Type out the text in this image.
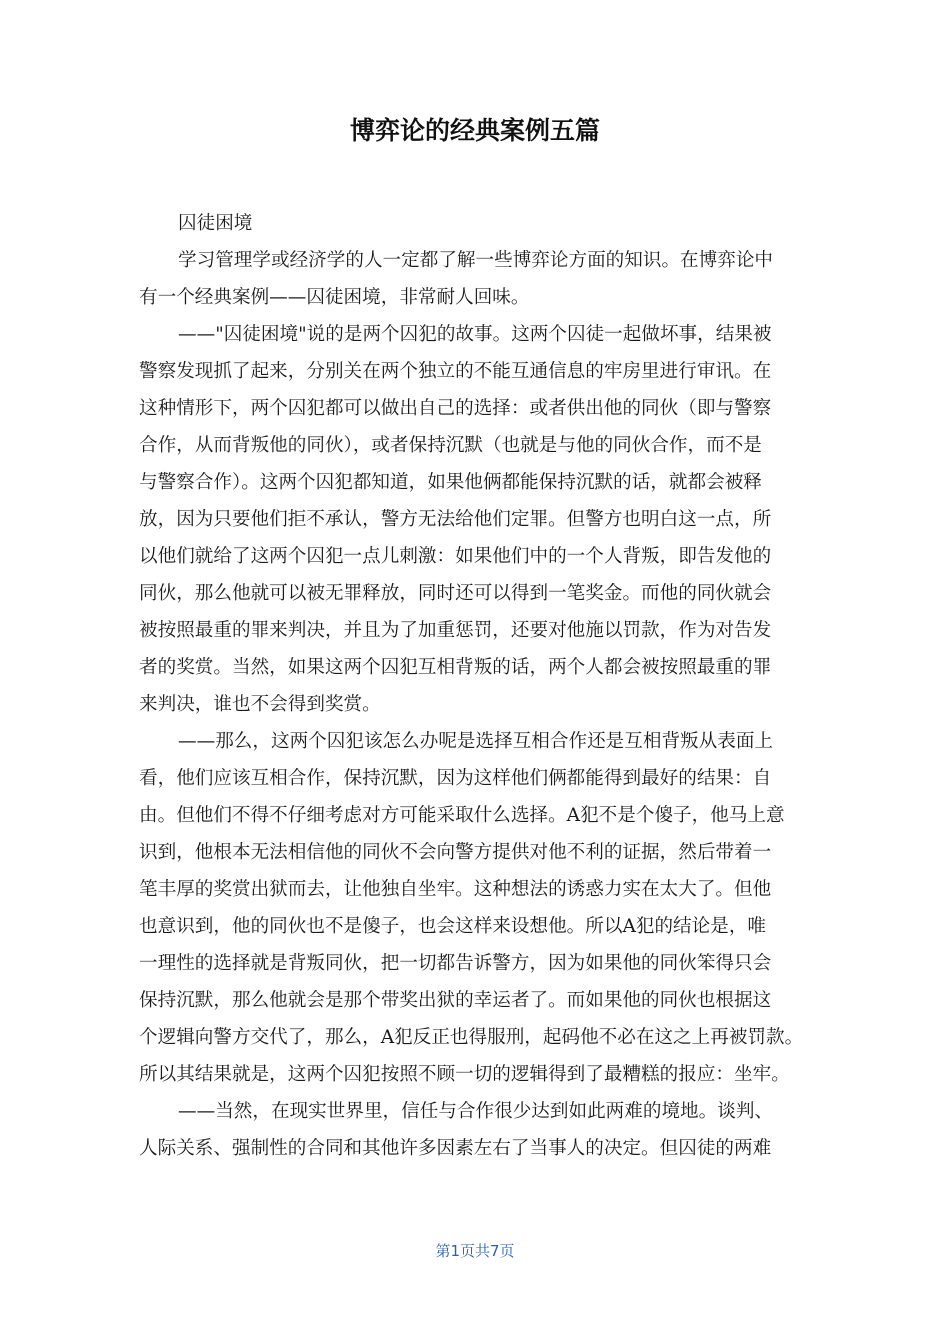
博弈论的经典案例五篇
囚徒困境
学习管理学或经济学的人一定都了解一些博弈论方面的知识。在博弈论中
有一个经典案例——囚徒困境，非常耐人回味。
——"囚徒困境"说的是两个囚犯的故事。这两个囚徒一起做坏事，结果被
警察发现抓了起来，分别关在两个独立的不能互通信息的牢房里进行审讯。在
这种情形下，两个囚犯都可以做出自己的选择：或者供出他的同伙（即与警察
合作，从而背叛他的同伙），或者保持沉默（也就是与他的同伙合作，而不是
与警察合作）。这两个囚犯都知道，如果他俩都能保持沉默的话，就都会被释
放，因为只要他们拒不承认，警方无法给他们定罪。但警方也明白这一点，所
以他们就给了这两个囚犯一点儿刺激：如果他们中的一个人背叛，即告发他的
同伙，那么他就可以被无罪释放，同时还可以得到一笔奖金。而他的同伙就会
被按照最重的罪来判决，并且为了加重惩罚，还要对他施以罚款，作为对告发
者的奖赏。当然，如果这两个囚犯互相背叛的话，两个人都会被按照最重的罪
来判决，谁也不会得到奖赏。
——那么，这两个囚犯该怎么办呢是选择互相合作还是互相背叛从表面上
看，他们应该互相合作，保持沉默，因为这样他们俩都能得到最好的结果：自
由。但他们不得不仔细考虑对方可能采取什么选择。A犯不是个傻子，他马上意
识到，他根本无法相信他的同伙不会向警方提供对他不利的证据，然后带着一
笔丰厚的奖赏出狱而去，让他独自坐牢。这种想法的诱惑力实在太大了。但他
也意识到，他的同伙也不是傻子，也会这样来设想他。所以A犯的结论是，唯
一理性的选择就是背叛同伙，把一切都告诉警方，因为如果他的同伙笨得只会
保持沉默，那么他就会是那个带奖出狱的幸运者了。而如果他的同伙也根据这
个逻辑向警方交代了，那么，A犯反正也得服刑，起码他不必在这之上再被罚款。
所以其结果就是，这两个囚犯按照不顾一切的逻辑得到了最糟糕的报应：坐牢。
——当然，在现实世界里，信任与合作很少达到如此两难的境地。谈判、
人际关系、强制性的合同和其他许多因素左右了当事人的决定。但囚徒的两难
第1页共7页
